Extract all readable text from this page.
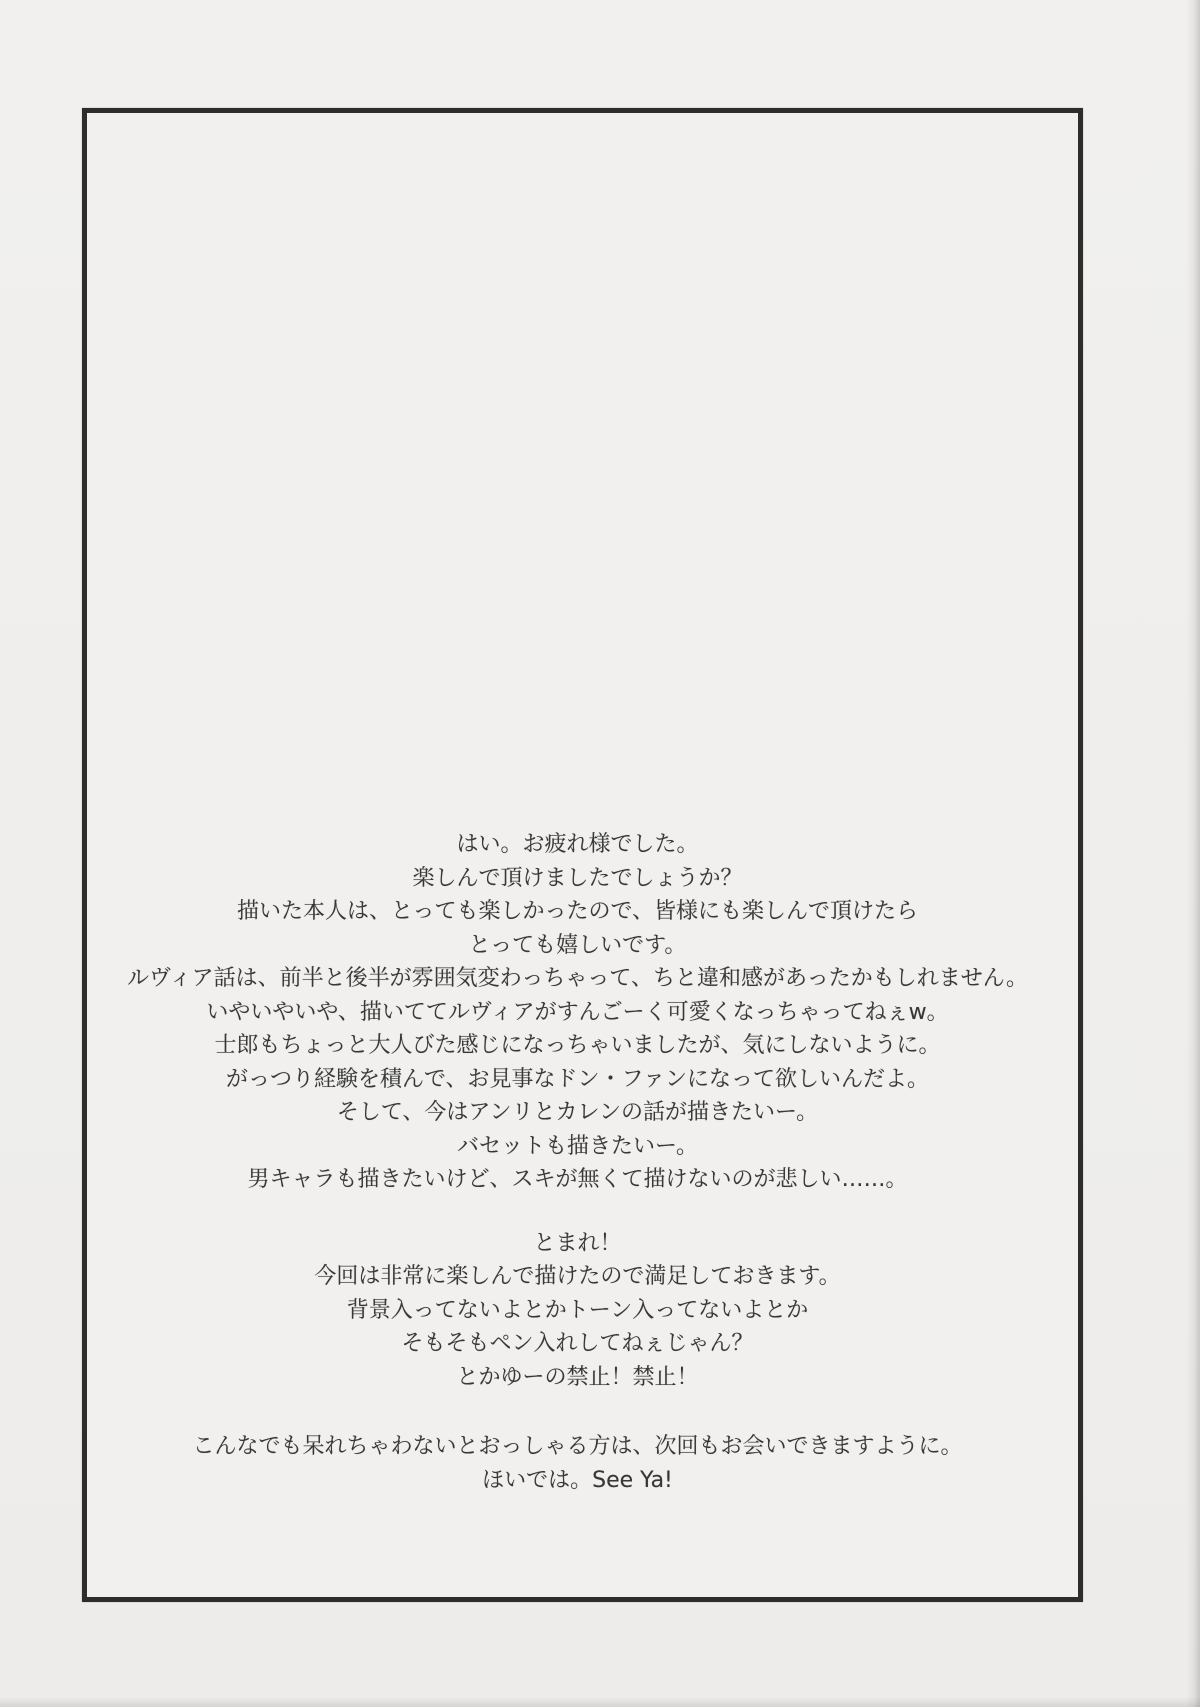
はい。お疲れ様でした。
楽しんで頂けましたでしょうか？
描いた本人は、とっても楽しかったので、皆様にも楽しんで頂けたら
とっても嬉しいです。
ルヴィア話は、前半と後半が雰囲気変わっちゃって、ちと違和感があったかもしれません。
いやいやいや、描いててルヴィアがすんごーく可愛くなっちゃってねぇw。
士郎もちょっと大人びた感じになっちゃいましたが、気にしないように。
がっつり経験を積んで、お見事なドン・ファンになって欲しいんだよ。
そして、今はアンリとカレンの話が描きたいー。
バセットも描きたいー。
男キャラも描きたいけど、スキが無くて描けないのが悲しい……。
とまれ！
今回は非常に楽しんで描けたので満足しておきます。
背景入ってないよとかトーン入ってないよとか
そもそもペン入れしてねぇじゃん？
とかゆーの禁止！禁止！
こんなでも呆れちゃわないとおっしゃる方は、次回もお会いできますように。
ほいでは。See Ya!
